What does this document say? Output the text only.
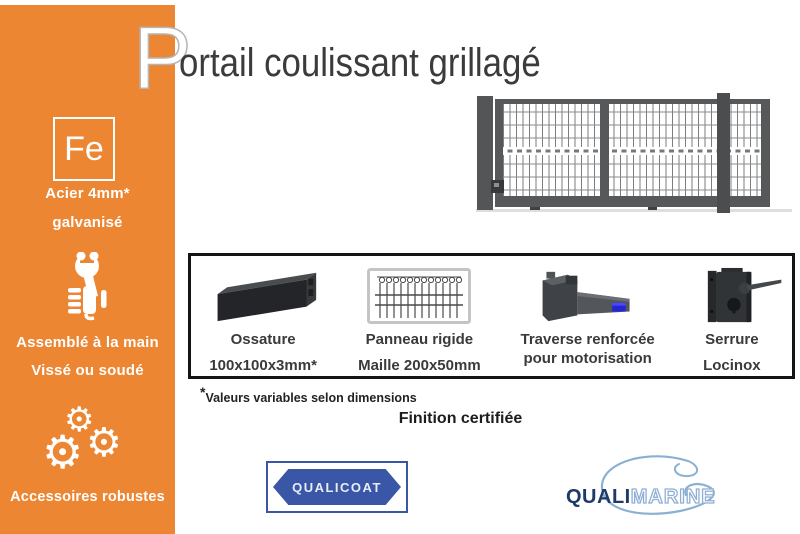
Fe
Acier 4mm*
galvanisé
Assemblé à la main
Vissé ou soudé
⚙
⚙ ⚙
Accessoires robustes
P
ortail coulissant grillagé
Ossature
100x100x3mm*
Panneau rigide
Maille 200x50mm
Traverse renforcée
pour motorisation
Serrure
Locinox
*Valeurs variables selon dimensions
Finition certifiée
QUALICOAT	QUALIMARINE
